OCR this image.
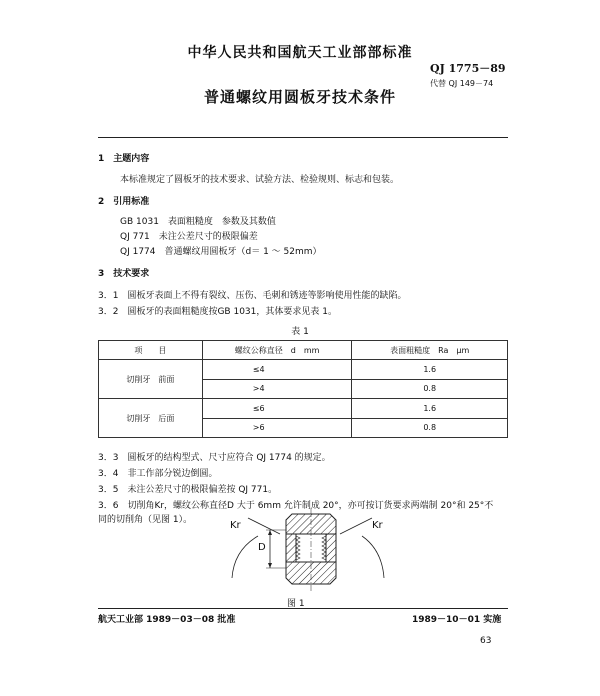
中华人民共和国航天工业部部标准
QJ 1775－89
代替 QJ 149－74
普通螺纹用圆板牙技术条件
1　主题内容
本标准规定了圆板牙的技术要求、试验方法、检验规则、标志和包装。
2　引用标准
GB 1031　表面粗糙度　参数及其数值
QJ 771　未注公差尺寸的极限偏差
QJ 1774　普通螺纹用圆板牙（d＝ 1 ～ 52mm）
3　技术要求
3．1　圆板牙表面上不得有裂纹、压伤、毛刺和锈迹等影响使用性能的缺陷。
3．2　圆板牙的表面粗糙度按GB 1031，其体要求见表 1。
表 1
项　　目	螺纹公称直径　d　mm	表面粗糙度　Ra　μm
切削牙　前面	≤4	1.6
	>4	0.8
切削牙　后面	≤6	1.6
	>6	0.8
3．3　圆板牙的结构型式、尺寸应符合 QJ 1774 的规定。
3．4　非工作部分锐边倒圆。
3．5　未注公差尺寸的极限偏差按 QJ 771。
3．6　切削角Kr，螺纹公称直径D 大于 6mm 允许制成 20°，亦可按订货要求两端制 20°和 25°不
同的切削角（见图 1）。	Kr	Kr
D
图 1
航天工业部 1989－03－08 批准	1989－10－01 实施
63
